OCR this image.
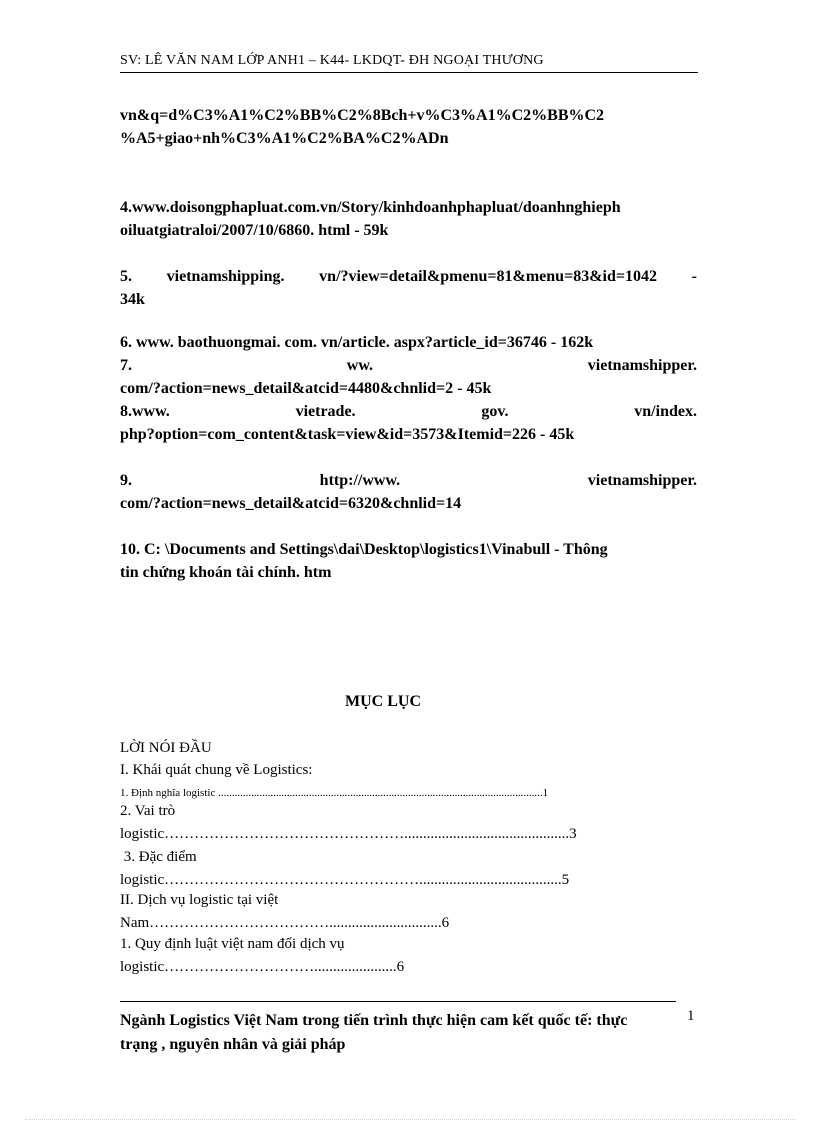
SV: LÊ VĂN NAM LỚP ANH1 – K44- LKDQT- ĐH NGOẠI THƯƠNG
vn&q=d%C3%A1%C2%BB%C2%8Bch+v%C3%A1%C2%BB%C2
%A5+giao+nh%C3%A1%C2%BA%C2%ADn
4.www.doisongphapluat.com.vn/Story/kinhdoanhphapluat/doanhnghieph
oiluatgiatraloi/2007/10/6860. html - 59k
5. vietnamshipping. vn/?view=detail&pmenu=81&menu=83&id=1042 -
34k
6. www. baothuongmai. com. vn/article. aspx?article_id=36746 - 162k
7.	ww.	vietnamshipper.
com/?action=news_detail&atcid=4480&chnlid=2 - 45k
8.www.	vietrade.	gov.	vn/index.
php?option=com_content&task=view&id=3573&Itemid=226 - 45k
9.	http://www.	vietnamshipper.
com/?action=news_detail&atcid=6320&chnlid=14
10. C: \Documents and Settings\dai\Desktop\logistics1\Vinabull - Thông
tin chứng khoán tài chính. htm
MỤC LỤC
LỜI NÓI ĐẦU
I. Khái quát chung về Logistics:
1. Định nghĩa logistic ......................................................................................................................1
2. Vai trò
logistic…………………………………………............................................3
3. Đặc điểm
logistic……………………………………………......................................5
II. Dịch vụ logistic tại việt
Nam………………………………..............................6
1. Quy định luật việt nam đối dịch vụ
logistic…………………………......................6
Ngành Logistics Việt Nam trong tiến trình thực hiện cam kết quốc tế: thực trạng , nguyên nhân và giải pháp
1
